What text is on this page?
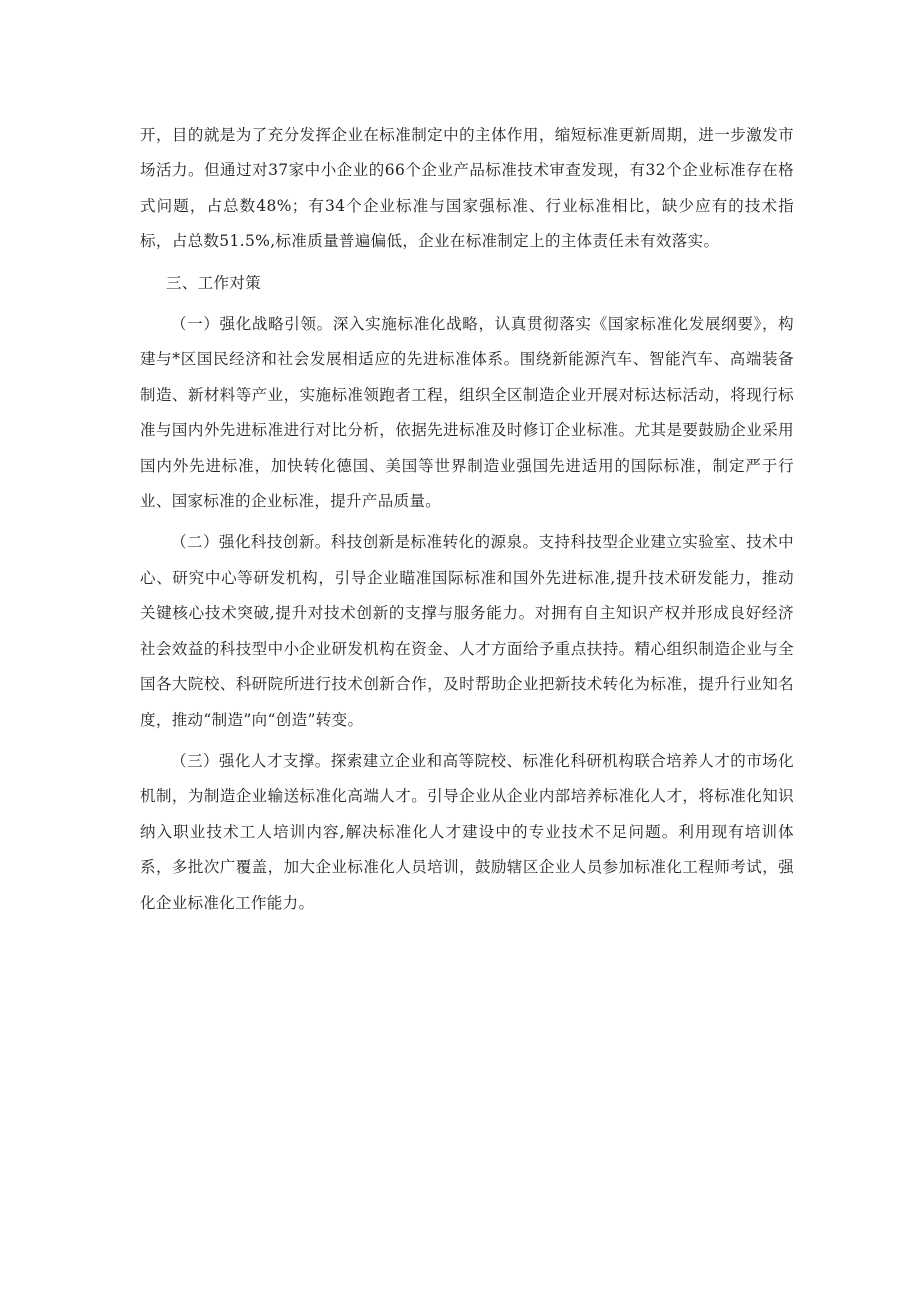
开，目的就是为了充分发挥企业在标准制定中的主体作用，缩短标准更新周期，进一步激发市场活力。但通过对37家中小企业的66个企业产品标准技术审查发现，有32个企业标准存在格式问题，占总数48%；有34个企业标准与国家强标准、行业标准相比，缺少应有的技术指标，占总数51.5%,标准质量普遍偏低，企业在标准制定上的主体责任未有效落实。

三、工作对策

（一）强化战略引领。深入实施标准化战略，认真贯彻落实《国家标准化发展纲要》，构建与*区国民经济和社会发展相适应的先进标准体系。围绕新能源汽车、智能汽车、高端装备制造、新材料等产业，实施标准领跑者工程，组织全区制造企业开展对标达标活动，将现行标准与国内外先进标准进行对比分析，依据先进标准及时修订企业标准。尤其是要鼓励企业采用国内外先进标准，加快转化德国、美国等世界制造业强国先进适用的国际标准，制定严于行业、国家标准的企业标准，提升产品质量。

（二）强化科技创新。科技创新是标准转化的源泉。支持科技型企业建立实验室、技术中心、研究中心等研发机构，引导企业瞄准国际标准和国外先进标准,提升技术研发能力，推动关键核心技术突破,提升对技术创新的支撑与服务能力。对拥有自主知识产权并形成良好经济社会效益的科技型中小企业研发机构在资金、人才方面给予重点扶持。精心组织制造企业与全国各大院校、科研院所进行技术创新合作，及时帮助企业把新技术转化为标准，提升行业知名度，推动“制造”向“创造”转变。

（三）强化人才支撑。探索建立企业和高等院校、标准化科研机构联合培养人才的市场化机制，为制造企业输送标准化高端人才。引导企业从企业内部培养标准化人才，将标准化知识纳入职业技术工人培训内容,解决标准化人才建设中的专业技术不足问题。利用现有培训体系，多批次广覆盖，加大企业标准化人员培训，鼓励辖区企业人员参加标准化工程师考试，强化企业标准化工作能力。
